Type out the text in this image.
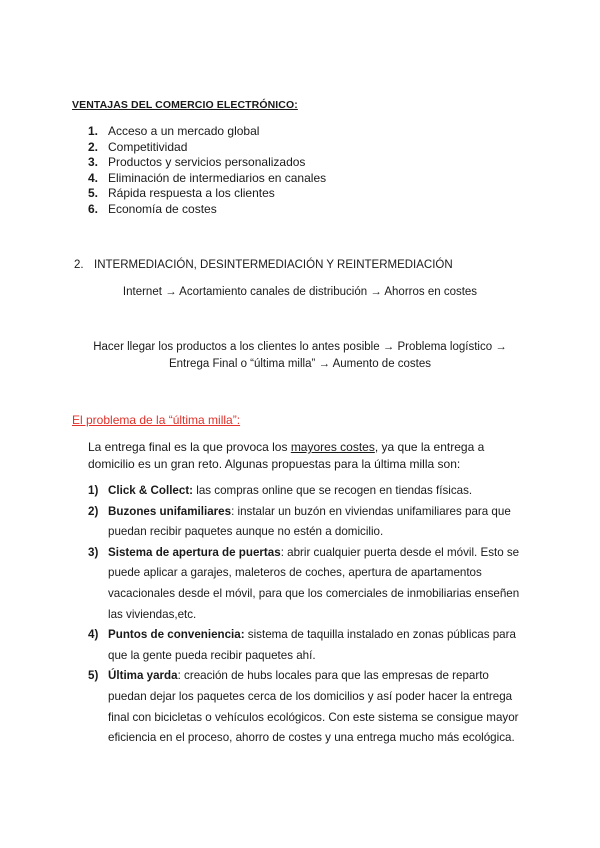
VENTAJAS DEL COMERCIO ELECTRÓNICO:
1. Acceso a un mercado global
2. Competitividad
3. Productos y servicios personalizados
4. Eliminación de intermediarios en canales
5. Rápida respuesta a los clientes
6. Economía de costes
2. INTERMEDIACIÓN, DESINTERMEDIACIÓN Y REINTERMEDIACIÓN
Internet → Acortamiento canales de distribución → Ahorros en costes
Hacer llegar los productos a los clientes lo antes posible → Problema logístico →
Entrega Final o “última milla” → Aumento de costes
El problema de la “última milla”:
La entrega final es la que provoca los mayores costes, ya que la entrega a domicilio es un gran reto. Algunas propuestas para la última milla son:
1) Click & Collect: las compras online que se recogen en tiendas físicas.
2) Buzones unifamiliares: instalar un buzón en viviendas unifamiliares para que puedan recibir paquetes aunque no estén a domicilio.
3) Sistema de apertura de puertas: abrir cualquier puerta desde el móvil. Esto se puede aplicar a garajes, maleteros de coches, apertura de apartamentos vacacionales desde el móvil, para que los comerciales de inmobiliarias enseñen las viviendas,etc.
4) Puntos de conveniencia: sistema de taquilla instalado en zonas públicas para que la gente pueda recibir paquetes ahí.
5) Última yarda: creación de hubs locales para que las empresas de reparto puedan dejar los paquetes cerca de los domicilios y así poder hacer la entrega final con bicicletas o vehículos ecológicos. Con este sistema se consigue mayor eficiencia en el proceso, ahorro de costes y una entrega mucho más ecológica.
